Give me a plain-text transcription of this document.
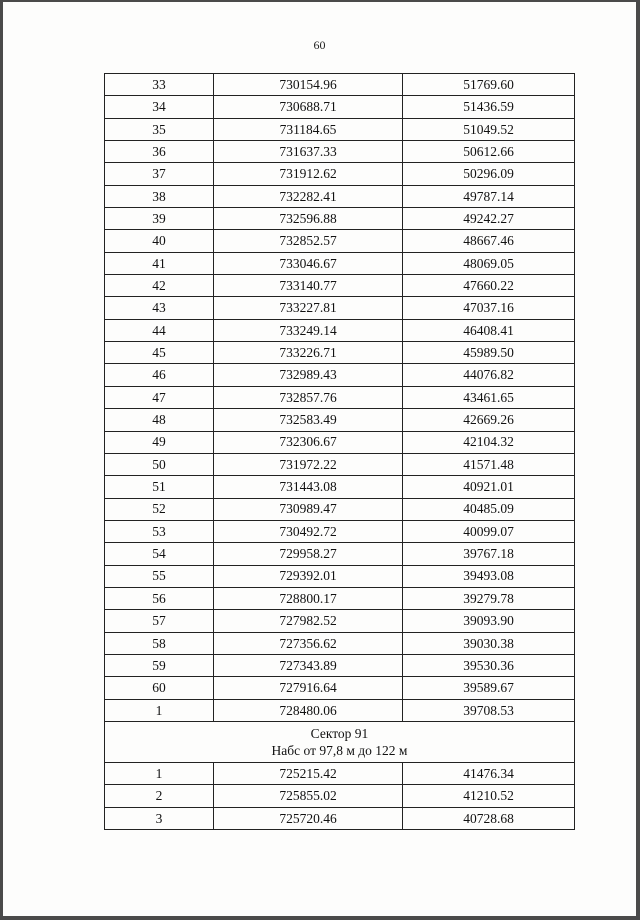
60
33	730154.96	51769.60
34	730688.71	51436.59
35	731184.65	51049.52
36	731637.33	50612.66
37	731912.62	50296.09
38	732282.41	49787.14
39	732596.88	49242.27
40	732852.57	48667.46
41	733046.67	48069.05
42	733140.77	47660.22
43	733227.81	47037.16
44	733249.14	46408.41
45	733226.71	45989.50
46	732989.43	44076.82
47	732857.76	43461.65
48	732583.49	42669.26
49	732306.67	42104.32
50	731972.22	41571.48
51	731443.08	40921.01
52	730989.47	40485.09
53	730492.72	40099.07
54	729958.27	39767.18
55	729392.01	39493.08
56	728800.17	39279.78
57	727982.52	39093.90
58	727356.62	39030.38
59	727343.89	39530.36
60	727916.64	39589.67
1	728480.06	39708.53

Сектор 91
Набс от 97,8 м до 122 м		

1	725215.42	41476.34
2	725855.02	41210.52
3	725720.46	40728.68
